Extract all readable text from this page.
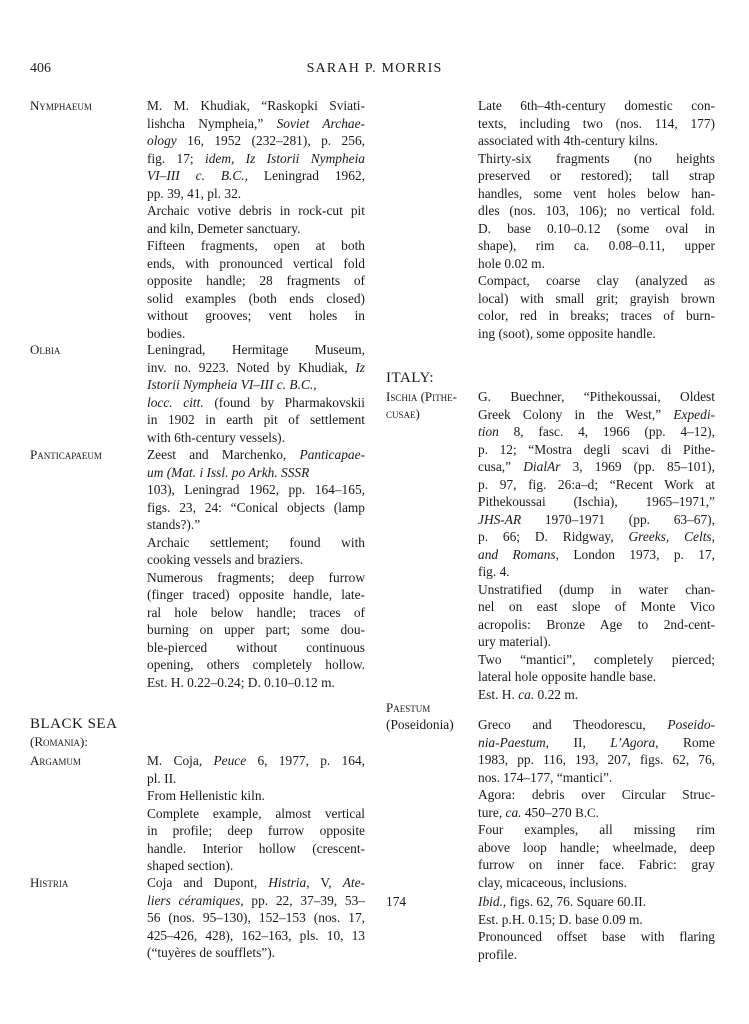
406	SARAH P. MORRIS
Nymphaeum	M. M. Khudiak, “Raskopki Sviati-
lishcha Nympheia,” Soviet Archae-
ology 16, 1952 (232–281), p. 256,
fig. 17; idem, Iz Istorii Nympheia
VI–III c. B.C., Leningrad 1962,
pp. 39, 41, pl. 32.
Archaic votive debris in rock-cut pit
and kiln, Demeter sanctuary.
Fifteen fragments, open at both
ends, with pronounced vertical fold
opposite handle; 28 fragments of
solid examples (both ends closed)
without grooves; vent holes in
bodies.
Olbia	Leningrad, Hermitage Museum,
inv. no. 9223. Noted by Khudiak, Iz
Istorii Nympheia VI–III c. B.C.,
locc. citt. (found by Pharmakovskii
in 1902 in earth pit of settlement
with 6th-century vessels).
Panticapaeum	Zeest and Marchenko, Panticapae-
um (Mat. i Issl. po Arkh. SSSR
103), Leningrad 1962, pp. 164–165,
figs. 23, 24: “Conical objects (lamp
stands?).”
Archaic settlement; found with
cooking vessels and braziers.
Numerous fragments; deep furrow
(finger traced) opposite handle, late-
ral hole below handle; traces of
burning on upper part; some dou-
ble-pierced without continuous
opening, others completely hollow.
Est. H. 0.22–0.24; D. 0.10–0.12 m.
BLACK SEA
(Romania):
Argamum	M. Coja, Peuce 6, 1977, p. 164,
pl. II.
From Hellenistic kiln.
Complete example, almost vertical
in profile; deep furrow opposite
handle. Interior hollow (crescent-
shaped section).
Histria	Coja and Dupont, Histria, V, Ate-
liers céramiques, pp. 22, 37–39, 53–
56 (nos. 95–130), 152–153 (nos. 17,
425–426, 428), 162–163, pls. 10, 13
(“tuyères de soufflets”).
Late 6th–4th-century domestic con-
texts, including two (nos. 114, 177)
associated with 4th-century kilns.
Thirty-six fragments (no heights
preserved or restored); tall strap
handles, some vent holes below han-
dles (nos. 103, 106); no vertical fold.
D. base 0.10–0.12 (some oval in
shape), rim ca. 0.08–0.11, upper
hole 0.02 m.
Compact, coarse clay (analyzed as
local) with small grit; grayish brown
color, red in breaks; traces of burn-
ing (soot), some opposite handle.
ITALY:
Ischia (Pithe-
cusae)
G. Buechner, “Pithekoussai, Oldest
Greek Colony in the West,” Expedi-
tion 8, fasc. 4, 1966 (pp. 4–12),
p. 12; “Mostra degli scavi di Pithe-
cusa,” DialAr 3, 1969 (pp. 85–101),
p. 97, fig. 26:a–d; “Recent Work at
Pithekoussai (Ischia), 1965–1971,”
JHS-AR 1970–1971 (pp. 63–67),
p. 66; D. Ridgway, Greeks, Celts,
and Romans, London 1973, p. 17,
fig. 4.
Unstratified (dump in water chan-
nel on east slope of Monte Vico
acropolis: Bronze Age to 2nd-cent-
ury material).
Two “mantici”, completely pierced;
lateral hole opposite handle base.
Est. H. ca. 0.22 m.
Paestum
(Poseidonia) Greco and Theodorescu, Poseido-
nia-Paestum, II, L’Agora, Rome
1983, pp. 116, 193, 207, figs. 62, 76,
nos. 174–177, “mantici”.
Agora: debris over Circular Struc-
ture, ca. 450–270 B.C.
Four examples, all missing rim
above loop handle; wheelmade, deep
furrow on inner face. Fabric: gray
clay, micaceous, inclusions.
174	Ibid., figs. 62, 76. Square 60.II.
Est. p.H. 0.15; D. base 0.09 m.
Pronounced offset base with flaring
profile.
